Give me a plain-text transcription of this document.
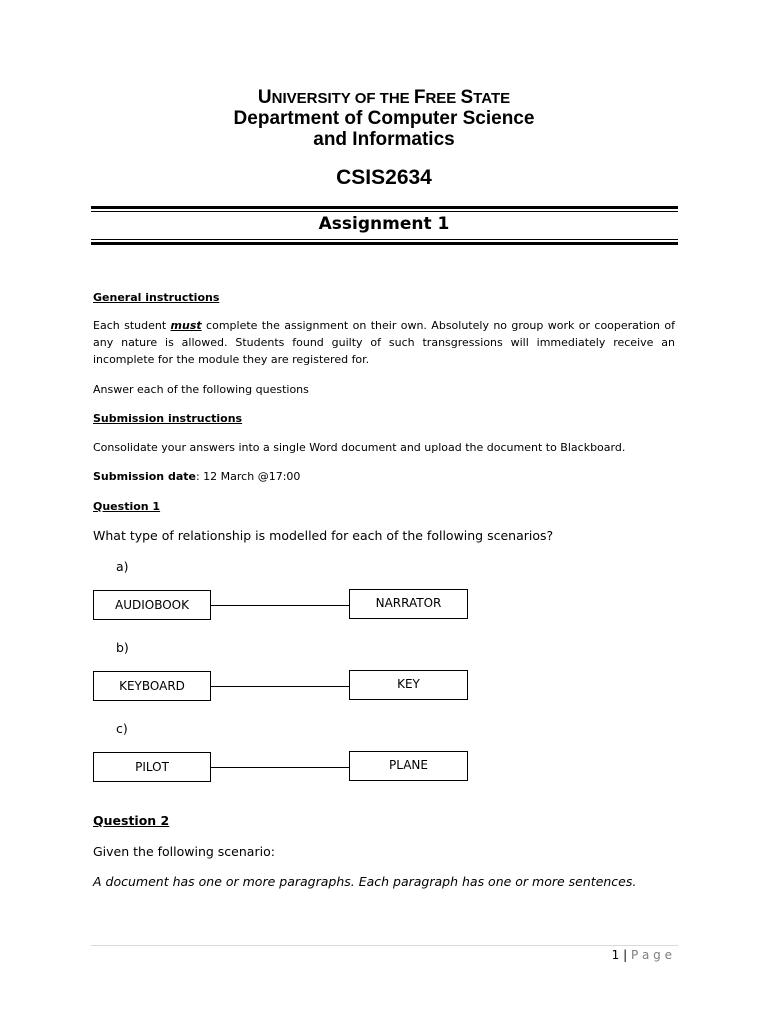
UNIVERSITY OF THE FREE STATE
Department of Computer Science
and Informatics
CSIS2634
Assignment 1
General instructions
Each student must complete the assignment on their own. Absolutely no group work or cooperation of any nature is allowed. Students found guilty of such transgressions will immediately receive an incomplete for the module they are registered for.
Answer each of the following questions
Submission instructions
Consolidate your answers into a single Word document and upload the document to Blackboard.
Submission date: 12 March @17:00
Question 1
What type of relationship is modelled for each of the following scenarios?
a)
AUDIOBOOK	NARRATOR
b)
KEYBOARD	KEY
c)
PILOT	PLANE
Question 2
Given the following scenario:
A document has one or more paragraphs. Each paragraph has one or more sentences.
1 | P a g e
